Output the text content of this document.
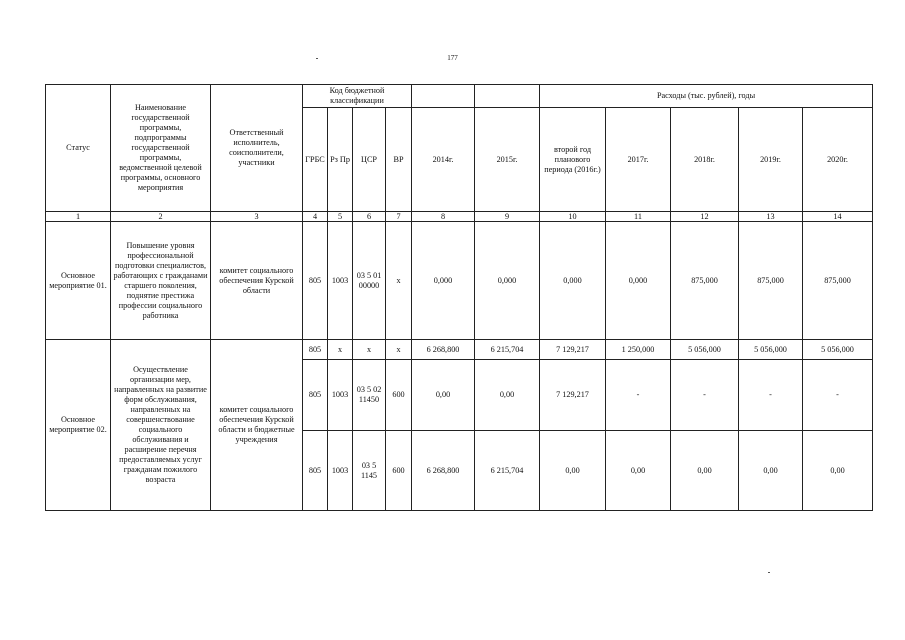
177
Статус	Наименование государственной программы, подпрограммы государственной программы, ведомственной целевой программы, основного мероприятия	Ответственный исполнитель, соисполнители, участники	Код бюджетной классификации						Расходы (тыс. рублей), годы				
			ГРБС	Рз Пр	ЦСР	ВР	2014г.	2015г.	второй год планового периода (2016г.)	2017г.	2018г.	2019г.	2020г.
1	2	3	4	5	6	7	8	9	10	11	12	13	14
Основное мероприятие 01.	Повышение уровня профессиональной подготовки специалистов, работающих с гражданами старшего поколения, поднятие престижа профессии социального работника	комитет социального обеспечения Курской области	805	1003	03 5 01 00000	х	0,000	0,000	0,000	0,000	875,000	875,000	875,000
Основное мероприятие 02.	Осуществление организации мер, направленных на развитие форм обслуживания, направленных на совершенствование социального обслуживания и расширение перечня предоставляемых услуг гражданам пожилого возраста	комитет социального обеспечения Курской области и бюджетные учреждения	805	х	х	х	6 268,800	6 215,704	7 129,217	1 250,000	5 056,000	5 056,000	5 056,000
			805	1003	03 5 02 11450	600	0,00	0,00	7 129,217	-	-	-	-
			805	1003	03 5 1145	600	6 268,800	6 215,704	0,00	0,00	0,00	0,00	0,00
